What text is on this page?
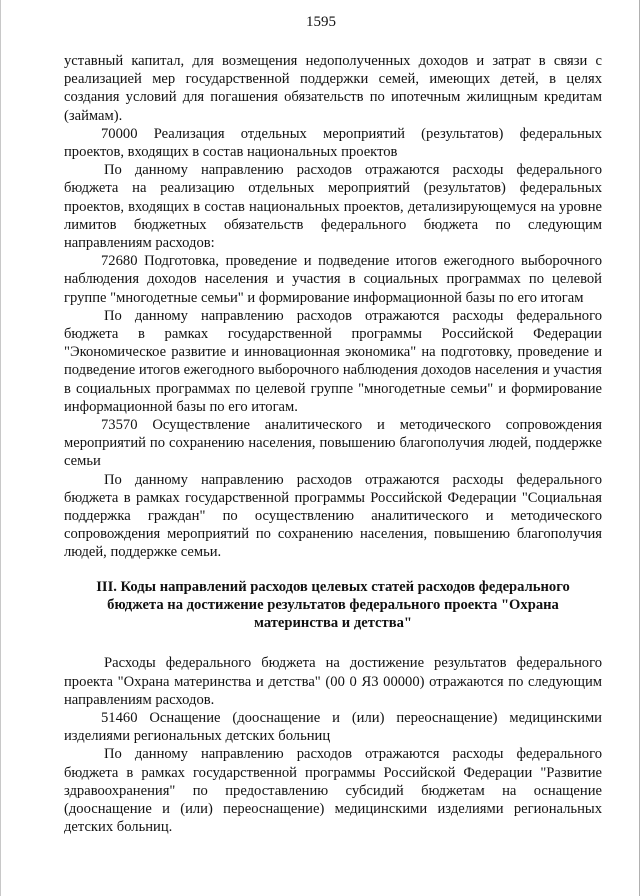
1595

уставный капитал, для возмещения недополученных доходов и затрат в связи с реализацией мер государственной поддержки семей, имеющих детей, в целях создания условий для погашения обязательств по ипотечным жилищным кредитам (займам).

70000 Реализация отдельных мероприятий (результатов) федеральных проектов, входящих в состав национальных проектов

По данному направлению расходов отражаются расходы федерального бюджета на реализацию отдельных мероприятий (результатов) федеральных проектов, входящих в состав национальных проектов, детализирующемуся на уровне лимитов бюджетных обязательств федерального бюджета по следующим направлениям расходов:

72680 Подготовка, проведение и подведение итогов ежегодного выборочного наблюдения доходов населения и участия в социальных программах по целевой группе "многодетные семьи" и формирование информационной базы по его итогам

По данному направлению расходов отражаются расходы федерального бюджета в рамках государственной программы Российской Федерации "Экономическое развитие и инновационная экономика" на подготовку, проведение и подведение итогов ежегодного выборочного наблюдения доходов населения и участия в социальных программах по целевой группе "многодетные семьи" и формирование информационной базы по его итогам.

73570 Осуществление аналитического и методического сопровождения мероприятий по сохранению населения, повышению благополучия людей, поддержке семьи

По данному направлению расходов отражаются расходы федерального бюджета в рамках государственной программы Российской Федерации "Социальная поддержка граждан" по осуществлению аналитического и методического сопровождения мероприятий по сохранению населения, повышению благополучия людей, поддержке семьи.

III. Коды направлений расходов целевых статей расходов федерального бюджета на достижение результатов федерального проекта "Охрана материнства и детства"

Расходы федерального бюджета на достижение результатов федерального проекта "Охрана материнства и детства" (00 0 Я3 00000) отражаются по следующим направлениям расходов.

51460 Оснащение (дооснащение и (или) переоснащение) медицинскими изделиями региональных детских больниц

По данному направлению расходов отражаются расходы федерального бюджета в рамках государственной программы Российской Федерации "Развитие здравоохранения" по предоставлению субсидий бюджетам на оснащение (дооснащение и (или) переоснащение) медицинскими изделиями региональных детских больниц.
